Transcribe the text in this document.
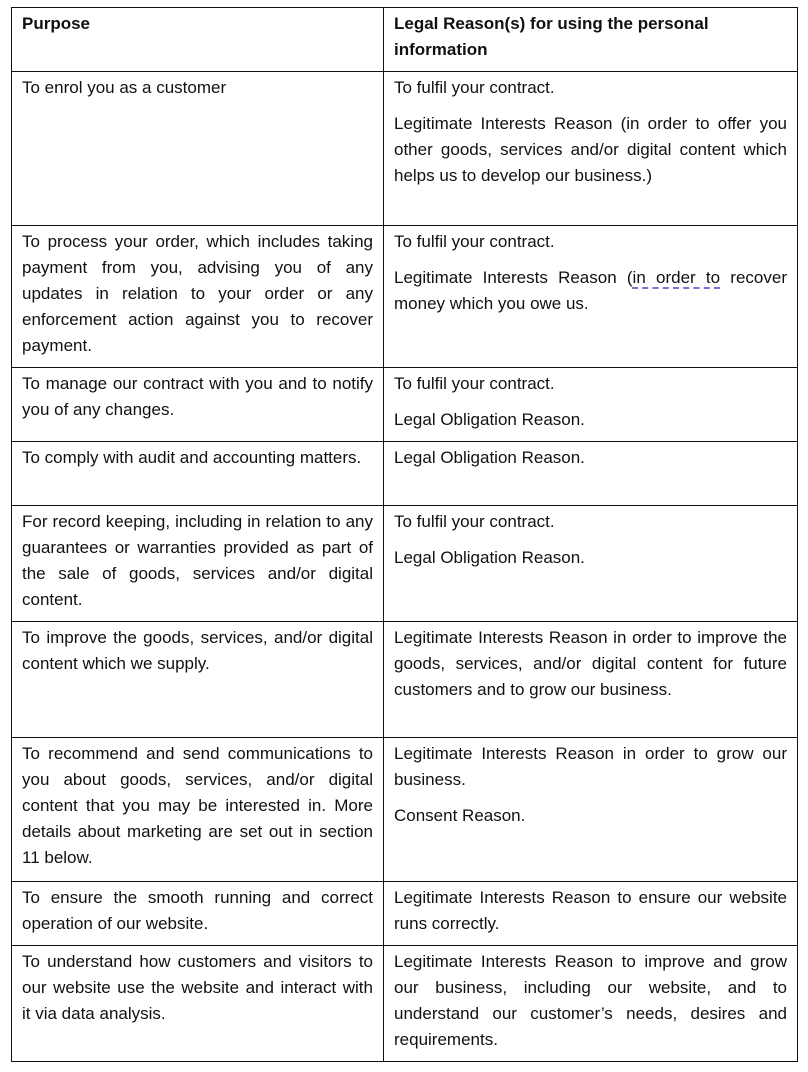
Purpose	Legal Reason(s) for using the personal information
To enrol you as a customer	To fulfil your contract.

Legitimate Interests Reason (in order to offer you other goods, services and/or digital content which helps us to develop our business.)

To process your order, which includes taking payment from you, advising you of any updates in relation to your order or any enforcement action against you to recover payment.	To fulfil your contract.

Legitimate Interests Reason (in order to recover money which you owe us.

To manage our contract with you and to notify you of any changes.	To fulfil your contract.

Legal Obligation Reason.

To comply with audit and accounting matters.	Legal Obligation Reason.

For record keeping, including in relation to any guarantees or warranties provided as part of the sale of goods, services and/or digital content.	To fulfil your contract.

Legal Obligation Reason.

To improve the goods, services, and/or digital content which we supply.	Legitimate Interests Reason in order to improve the goods, services, and/or digital content for future customers and to grow our business.

To recommend and send communications to you about goods, services, and/or digital content that you may be interested in. More details about marketing are set out in section 11 below.	Legitimate Interests Reason in order to grow our business.

Consent Reason.

To ensure the smooth running and correct operation of our website.	Legitimate Interests Reason to ensure our website runs correctly.

To understand how customers and visitors to our website use the website and interact with it via data analysis.	Legitimate Interests Reason to improve and grow our business, including our website, and to understand our customer’s needs, desires and requirements.
